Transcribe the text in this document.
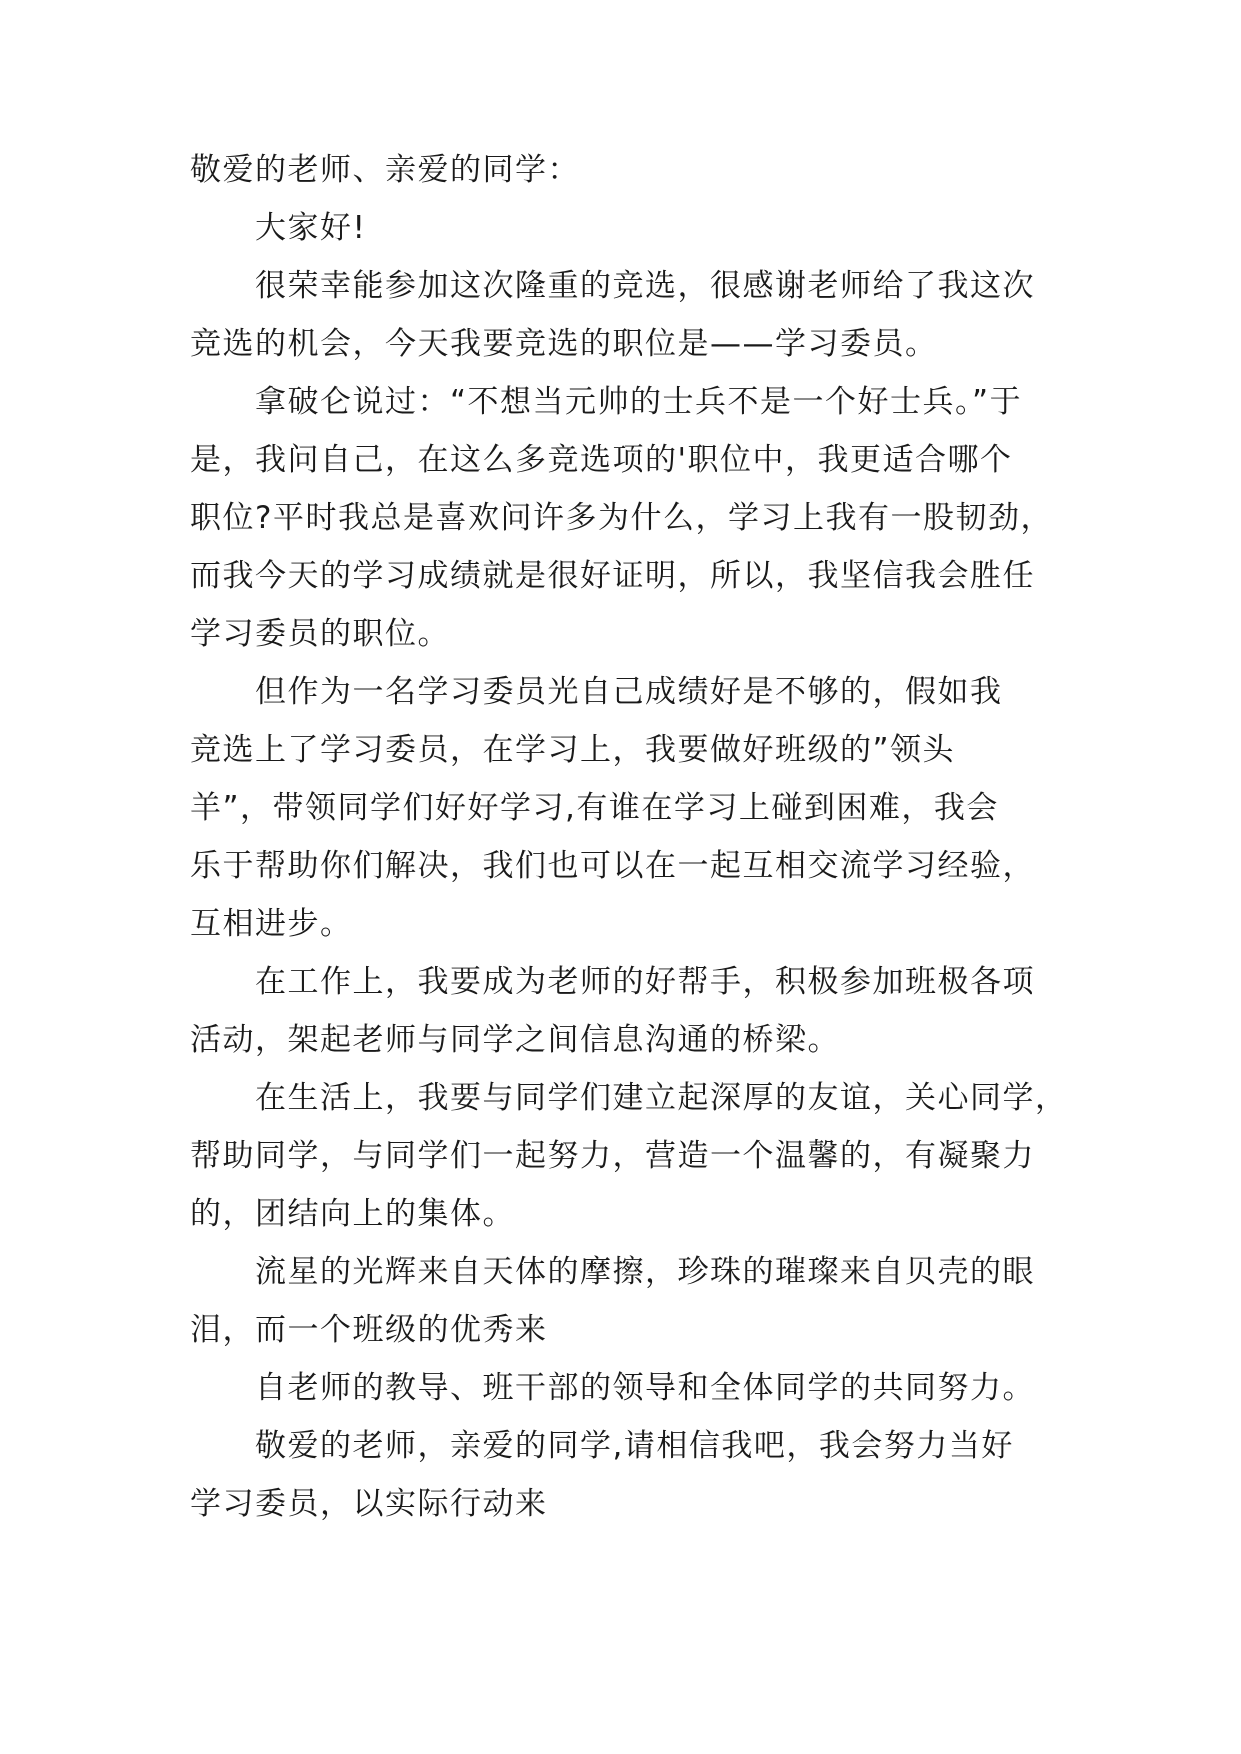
敬爱的老师、亲爱的同学：
大家好!
很荣幸能参加这次隆重的竞选，很感谢老师给了我这次
竞选的机会，今天我要竞选的职位是——学习委员。
拿破仑说过：“不想当元帅的士兵不是一个好士兵。”于
是，我问自己，在这么多竞选项的'职位中，我更适合哪个
职位?平时我总是喜欢问许多为什么，学习上我有一股韧劲，
而我今天的学习成绩就是很好证明，所以，我坚信我会胜任
学习委员的职位。
但作为一名学习委员光自己成绩好是不够的，假如我
竞选上了学习委员，在学习上，我要做好班级的”领头
羊”，带领同学们好好学习,有谁在学习上碰到困难，我会
乐于帮助你们解决，我们也可以在一起互相交流学习经验，
互相进步。
在工作上，我要成为老师的好帮手，积极参加班极各项
活动，架起老师与同学之间信息沟通的桥梁。
在生活上，我要与同学们建立起深厚的友谊，关心同学，
帮助同学，与同学们一起努力，营造一个温馨的，有凝聚力
的，团结向上的集体。
流星的光辉来自天体的摩擦，珍珠的璀璨来自贝壳的眼
泪，而一个班级的优秀来
自老师的教导、班干部的领导和全体同学的共同努力。
敬爱的老师，亲爱的同学,请相信我吧，我会努力当好
学习委员，以实际行动来
